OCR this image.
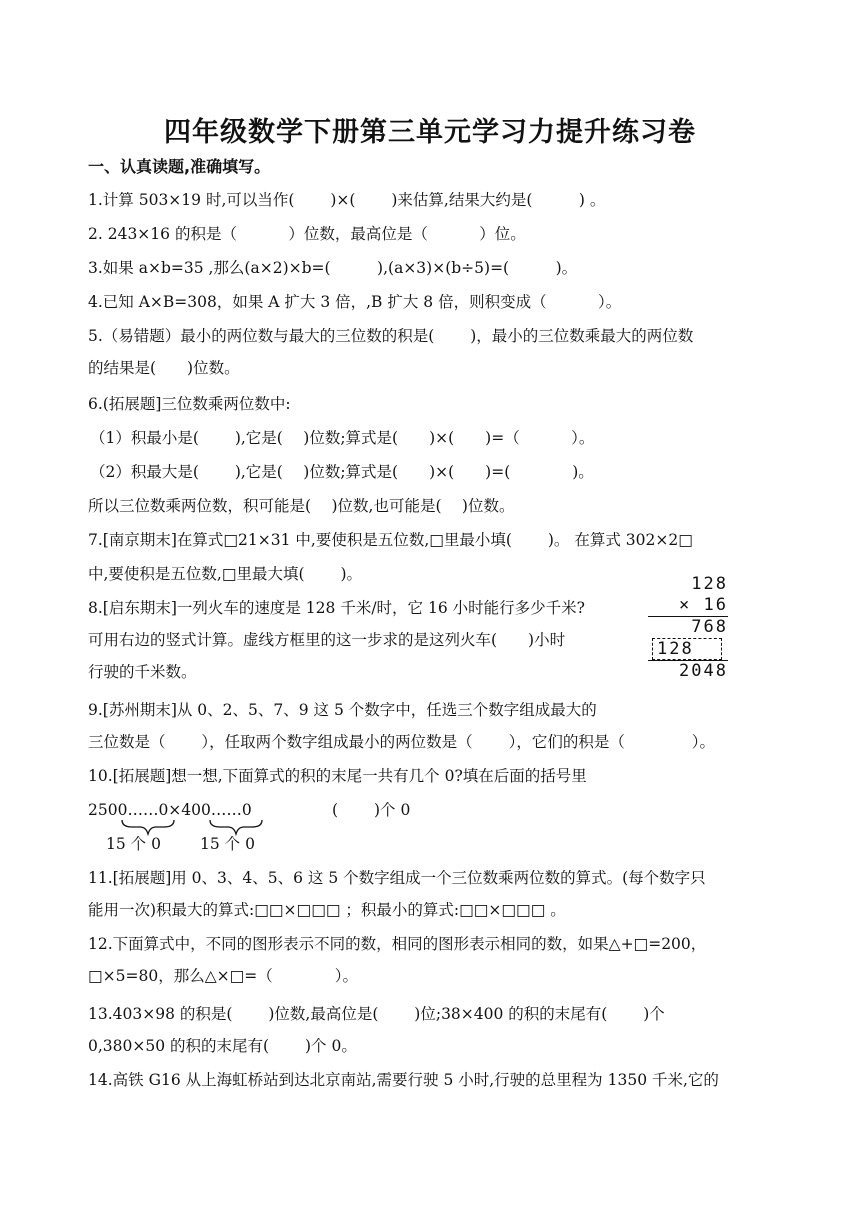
四年级数学下册第三单元学习力提升练习卷
一、认真读题,准确填写。
1.计算 503×19 时,可以当作(　　 )×(　　 )来估算,结果大约是(　　　) 。
2. 243×16 的积是（　　　 ）位数，最高位是（　　　 ）位。
3.如果 a×b=35 ,那么(a×2)×b=(　　　),(a×3)×(b÷5)=(　　　)。
4.已知 A×B=308，如果 A 扩大 3 倍，,B 扩大 8 倍，则积变成（　　　 ）。
5.（易错题）最小的两位数与最大的三位数的积是(　　 )，最小的三位数乘最大的两位数
的结果是(　　)位数。
6.(拓展题]三位数乘两位数中:
（1）积最小是(　　 ),它是(　 )位数;算式是(　　)×(　　)=（　　　 ）。
（2）积最大是(　　 ),它是(　 )位数;算式是(　　)×(　　)=(　　　　)。
所以三位数乘两位数，积可能是(　 )位数,也可能是(　 )位数。
7.[南京期末]在算式□21×31 中,要使积是五位数,□里最小填(　　 )。 在算式 302×2□
中,要使积是五位数,□里最大填(　　 )。
8.[启东期末]一列火车的速度是 128 千米/时，它 16 小时能行多少千米?
可用右边的竖式计算。虚线方框里的这一步求的是这列火车(　　)小时
行驶的千米数。
128
× 16
768
128
2048
9.[苏州期末]从 0、2、5、7、9 这 5 个数字中，任选三个数字组成最大的
三位数是（　　 ），任取两个数字组成最小的两位数是（　　 ），它们的积是（　　　　 ）。
10.[拓展题]想一想,下面算式的积的末尾一共有几个 0?填在后面的括号里
2500……0×400……0	(　　 )个 0
15 个 0	15 个 0
11.[拓展题]用 0、3、4、5、6 这 5 个数字组成一个三位数乘两位数的算式。(每个数字只
能用一次)积最大的算式:□□×□□□ ；积最小的算式:□□×□□□ 。
12.下面算式中，不同的图形表示不同的数，相同的图形表示相同的数，如果△+□=200，
□×5=80，那么△×□=（　　　　）。
13.403×98 的积是(　　 )位数,最高位是(　　 )位;38×400 的积的末尾有(　　 )个
0,380×50 的积的末尾有(　　 )个 0。
14.高铁 G16 从上海虹桥站到达北京南站,需要行驶 5 小时,行驶的总里程为 1350 千米,它的
